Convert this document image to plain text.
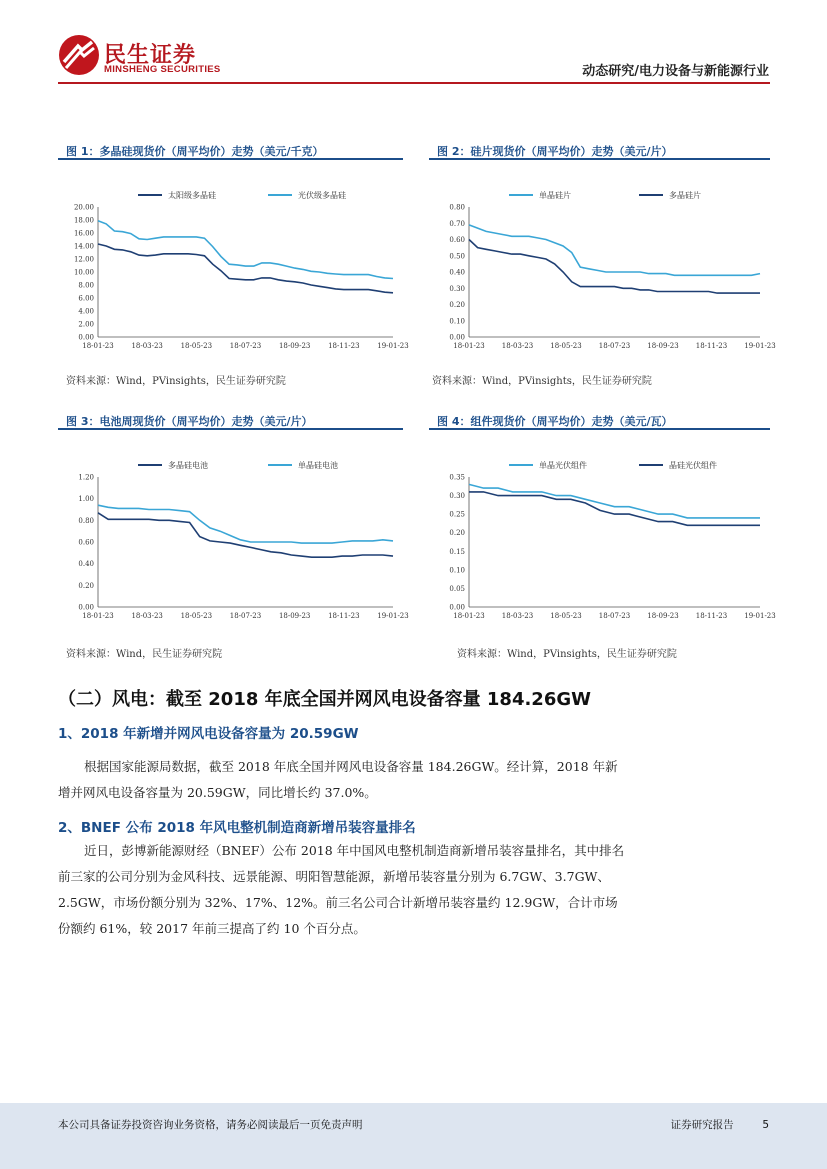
民生证券
MINSHENG SECURITIES	动态研究/电力设备与新能源行业
图 1：多晶硅现货价（周平均价）走势（美元/千克）
0.00
2.00
4.00
6.00
8.00
10.00
12.00
14.00
16.00
18.00
20.00
18-01-23	18-03-23	18-05-23	18-07-23	18-09-23	18-11-23	19-01-23
太阳级多晶硅	光伏级多晶硅
资料来源：Wind，PVinsights，民生证券研究院
图 2：硅片现货价（周平均价）走势（美元/片）
0.00
0.10
0.20
0.30
0.40
0.50
0.60
0.70
0.80
18-01-23 18-03-23 18-05-23 18-07-23 18-09-23 18-11-23 19-01-23
单晶硅片	多晶硅片
资料来源：Wind，PVinsights，民生证券研究院
图 3：电池周现货价（周平均价）走势（美元/片）
0.00
0.20
0.40
0.60
0.80
1.00
1.20
18-01-23	18-03-23	18-05-23	18-07-23	18-09-23	18-11-23	19-01-23
多晶硅电池	单晶硅电池
资料来源：Wind，民生证券研究院
图 4：组件现货价（周平均价）走势（美元/瓦）
0.00
0.05
0.10
0.15
0.20
0.25
0.30
0.35
18-01-23 18-03-23 18-05-23 18-07-23 18-09-23 18-11-23 19-01-23
单晶光伏组件	晶硅光伏组件
资料来源：Wind，PVinsights，民生证券研究院
（二）风电：截至 2018 年底全国并网风电设备容量 184.26GW
1、2018 年新增并网风电设备容量为 20.59GW
根据国家能源局数据，截至 2018 年底全国并网风电设备容量 184.26GW。经计算，2018 年新增并网风电设备容量为 20.59GW，同比增长约 37.0%。
2、BNEF 公布 2018 年风电整机制造商新增吊装容量排名
近日，彭博新能源财经（BNEF）公布 2018 年中国风电整机制造商新增吊装容量排名，其中排名前三家的公司分别为金风科技、远景能源、明阳智慧能源，新增吊装容量分别为 6.7GW、3.7GW、2.5GW，市场份额分别为 32%、17%、12%。前三名公司合计新增吊装容量约 12.9GW，合计市场份额约 61%，较 2017 年前三提高了约 10 个百分点。
本公司具备证券投资咨询业务资格，请务必阅读最后一页免责声明	证券研究报告	5
